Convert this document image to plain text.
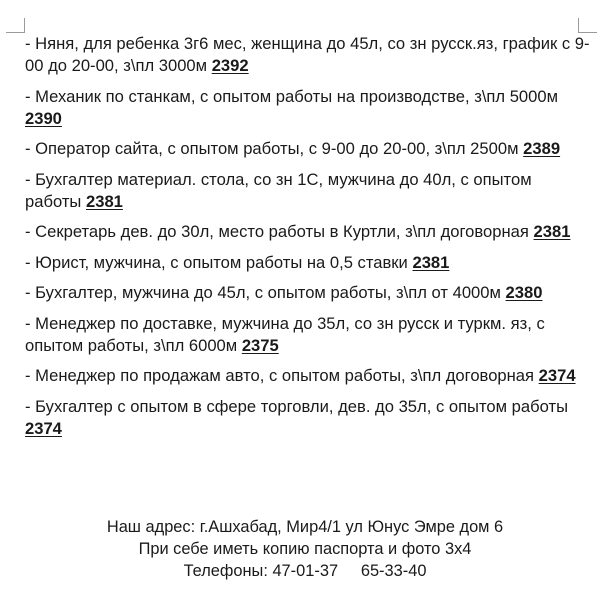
- Няня, для ребенка 3г6 мес, женщина до 45л, со зн русск.яз, график с 9-00 до 20-00, з\пл 3000м 2392

- Механик по станкам, с опытом работы на производстве, з\пл 5000м 2390

- Оператор сайта, с опытом работы, с 9-00 до 20-00, з\пл 2500м 2389

- Бухгалтер материал. стола, со зн 1С, мужчина до 40л, с опытом работы 2381

- Секретарь дев. до 30л, место работы в Куртли, з\пл договорная 2381

- Юрист, мужчина, с опытом работы на 0,5 ставки 2381

- Бухгалтер, мужчина до 45л, с опытом работы, з\пл от 4000м 2380

- Менеджер по доставке, мужчина до 35л, со зн русск и туркм. яз, с опытом работы, з\пл 6000м 2375

- Менеджер по продажам авто, с опытом работы, з\пл договорная 2374

- Бухгалтер с опытом в сфере торговли, дев. до 35л, с опытом работы 2374

Наш адрес: г.Ашхабад, Мир4/1 ул Юнус Эмре дом 6
При себе иметь копию паспорта и фото 3х4
Телефоны: 47-01-37     65-33-40
